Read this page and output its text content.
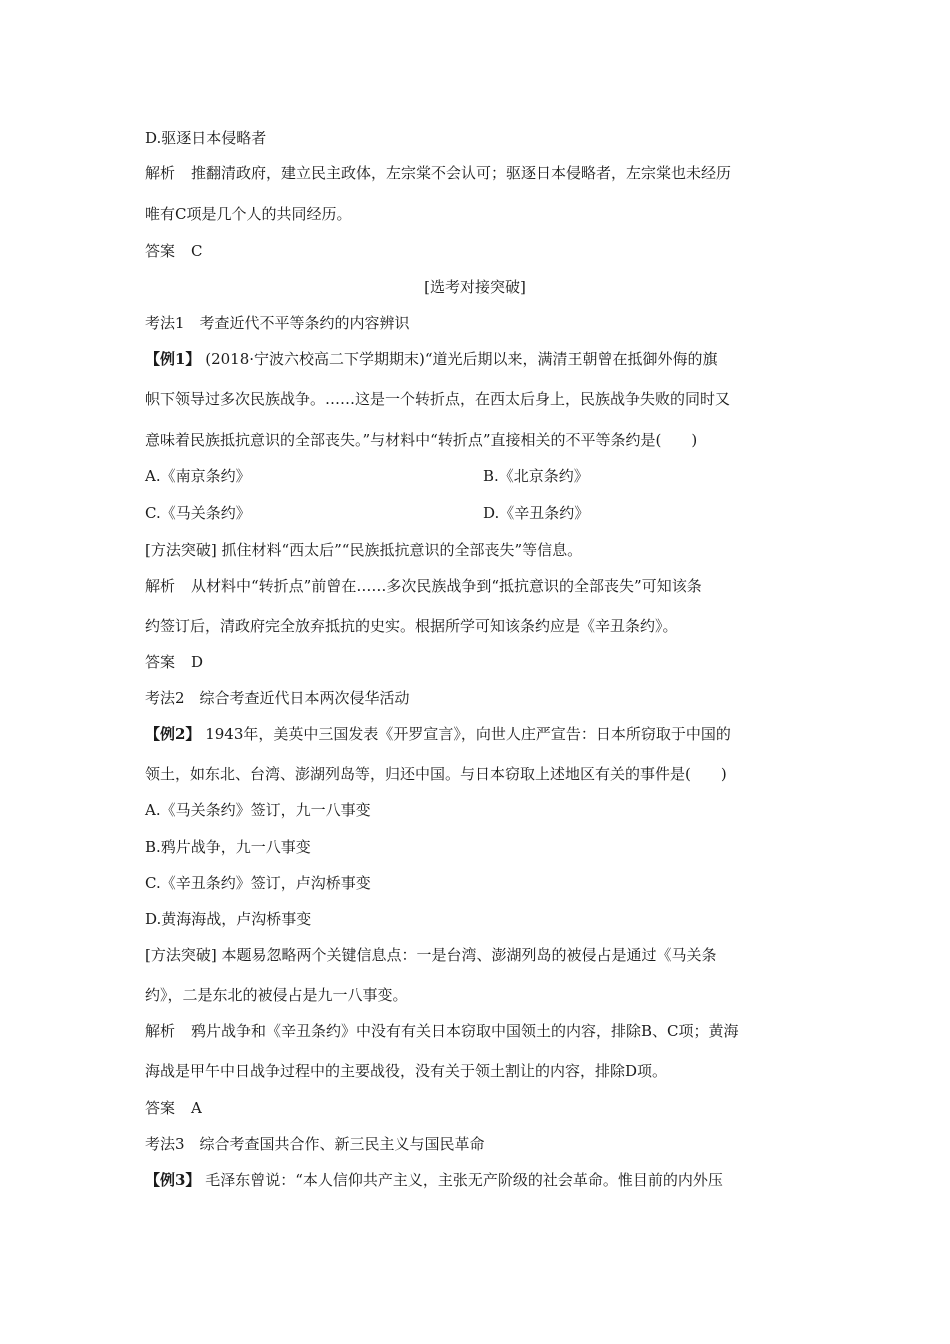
D.驱逐日本侵略者
解析 推翻清政府，建立民主政体，左宗棠不会认可；驱逐日本侵略者，左宗棠也未经历
唯有C项是几个人的共同经历。
答案 C
[选考对接突破]
考法1　考查近代不平等条约的内容辨识
【例1】 (2018·宁波六校高二下学期期末)“道光后期以来，满清王朝曾在抵御外侮的旗
帜下领导过多次民族战争。……这是一个转折点，在西太后身上，民族战争失败的同时又
意味着民族抵抗意识的全部丧失。”与材料中“转折点”直接相关的不平等条约是(　　)
A.《南京条约》	B.《北京条约》
C.《马关条约》	D.《辛丑条约》
[方法突破] 抓住材料“西太后”“民族抵抗意识的全部丧失”等信息。
解析 从材料中“转折点”前曾在……多次民族战争到“抵抗意识的全部丧失”可知该条
约签订后，清政府完全放弃抵抗的史实。根据所学可知该条约应是《辛丑条约》。
答案 D
考法2　综合考查近代日本两次侵华活动
【例2】 1943年，美英中三国发表《开罗宣言》，向世人庄严宣告：日本所窃取于中国的
领土，如东北、台湾、澎湖列岛等，归还中国。与日本窃取上述地区有关的事件是(　　)
A.《马关条约》签订，九一八事变
B.鸦片战争，九一八事变
C.《辛丑条约》签订，卢沟桥事变
D.黄海海战，卢沟桥事变
[方法突破] 本题易忽略两个关键信息点：一是台湾、澎湖列岛的被侵占是通过《马关条
约》，二是东北的被侵占是九一八事变。
解析 鸦片战争和《辛丑条约》中没有有关日本窃取中国领土的内容，排除B、C项；黄海
海战是甲午中日战争过程中的主要战役，没有关于领土割让的内容，排除D项。
答案 A
考法3　综合考查国共合作、新三民主义与国民革命
【例3】 毛泽东曾说：“本人信仰共产主义，主张无产阶级的社会革命。惟目前的内外压
